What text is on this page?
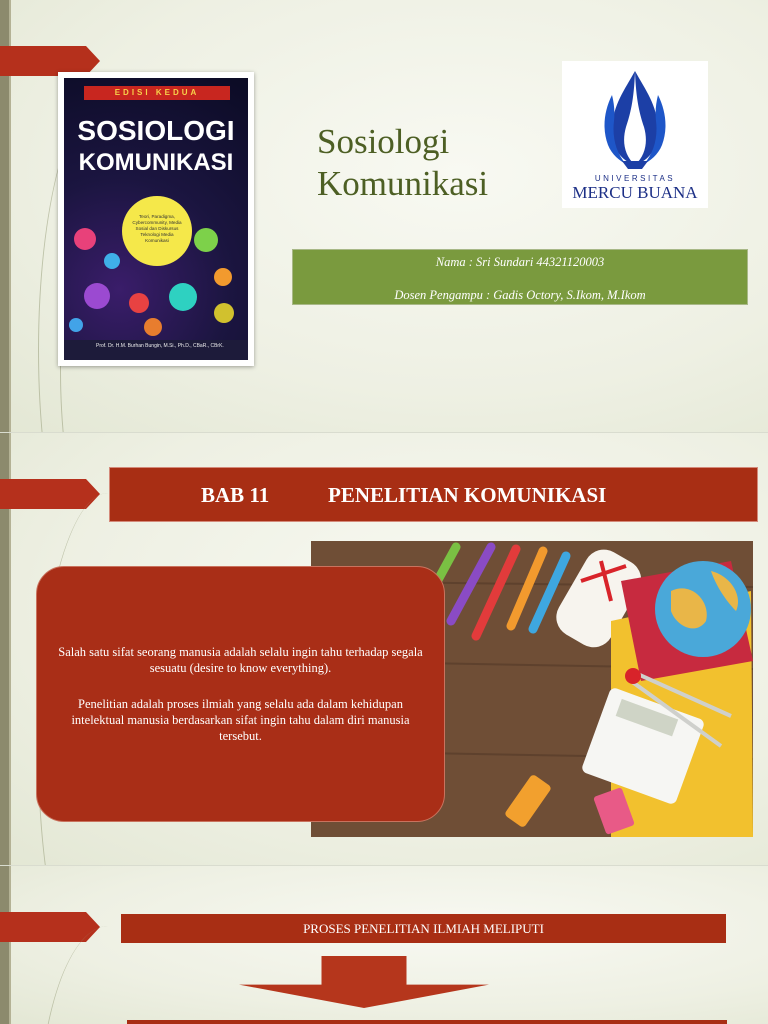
EDISI KEDUA
SOSIOLOGI
KOMUNIKASI
Teori, Paradigma, Cybercommunity, Media Sosial dan Diskursus Teknologi Media Komunikasi
Prof. Dr. H.M. Burhan Bungin, M.Si., Ph.D., CBaR., CBrK.
Sosiologi
Komunikasi	UNIVERSITAS
MERCU BUANA
Nama : Sri Sundari 44321120003
Dosen Pengampu : Gadis Octory, S.Ikom, M.Ikom
BAB 11	PENELITIAN KOMUNIKASI
Salah satu sifat seorang manusia adalah selalu ingin tahu terhadap segala sesuatu (desire to know everything).
Penelitian adalah proses ilmiah yang selalu ada dalam kehidupan intelektual manusia berdasarkan sifat ingin tahu dalam diri manusia tersebut.
PROSES PENELITIAN ILMIAH MELIPUTI
